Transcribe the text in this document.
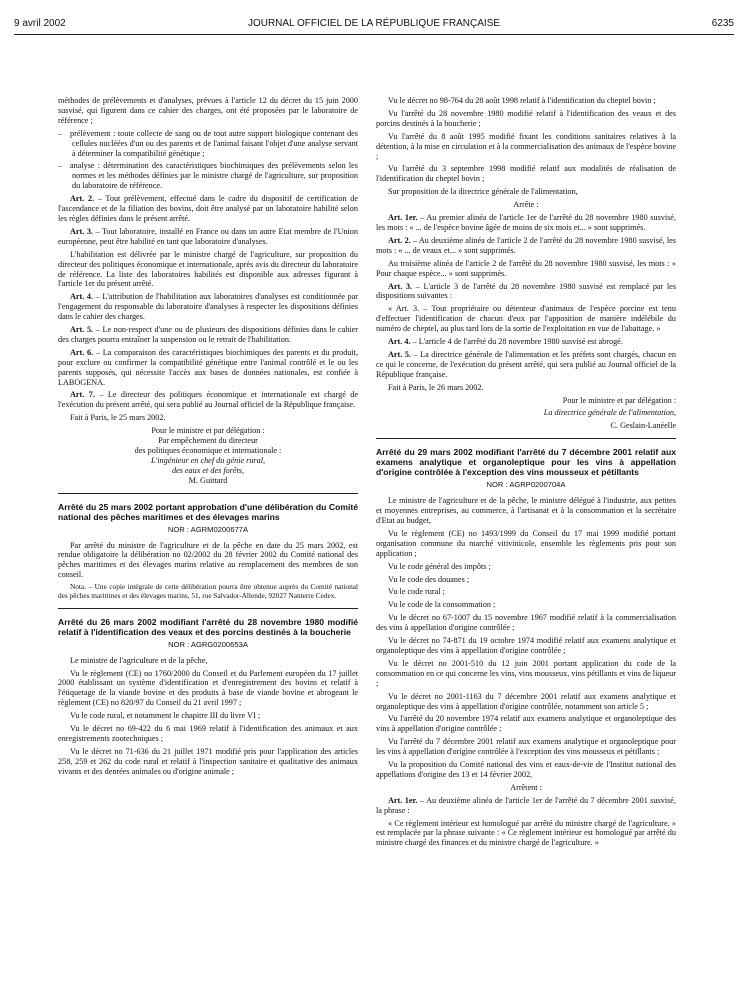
9 avril 2002	JOURNAL OFFICIEL DE LA RÉPUBLIQUE FRANÇAISE	6235

méthodes de prélèvements et d'analyses, prévues à l'article 12 du décret du 15 juin 2000 susvisé, qui figurent dans ce cahier des charges, ont été proposées par le laboratoire de référence ;

– prélèvement : toute collecte de sang ou de tout autre support biologique contenant des cellules nucléées d'un ou des parents et de l'animal faisant l'objet d'une analyse servant à déterminer la compatibilité génétique ;

– analyse : détermination des caractéristiques biochimiques des prélèvements selon les normes et les méthodes définies par le ministre chargé de l'agriculture, sur proposition du laboratoire de référence.

Art. 2. – Tout prélèvement, effectué dans le cadre du dispositif de certification de l'ascendance et de la filiation des bovins, doit être analysé par un laboratoire habilité selon les règles définies dans le présent arrêté.

Art. 3. – Tout laboratoire, installé en France ou dans un autre Etat membre de l'Union européenne, peut être habilité en tant que laboratoire d'analyses.

L'habilitation est délivrée par le ministre chargé de l'agriculture, sur proposition du directeur des politiques économique et internationale, après avis du directeur du laboratoire de référence. La liste des laboratoires habilités est disponible aux adresses figurant à l'article 1er du présent arrêté.

Art. 4. – L'attribution de l'habilitation aux laboratoires d'analyses est conditionnée par l'engagement du responsable du laboratoire d'analyses à respecter les dispositions définies dans le cahier des charges.

Art. 5. – Le non-respect d'une ou de plusieurs des dispositions définies dans le cahier des charges pourra entraîner la suspension ou le retrait de l'habilitation.

Art. 6. – La comparaison des caractéristiques biochimiques des parents et du produit, pour exclure ou confirmer la compatibilité génétique entre l'animal contrôlé et le ou les parents supposés, qui nécessite l'accès aux bases de données nationales, est confiée à LABOGENA.

Art. 7. – Le directeur des politiques économique et internationale est chargé de l'exécution du présent arrêté, qui sera publié au Journal officiel de la République française.

Fait à Paris, le 25 mars 2002.

Pour le ministre et par délégation :

Par empêchement du directeur

des politiques économique et internationale :

L'ingénieur en chef du génie rural,

des eaux et des forêts,

M. Guittard

Arrêté du 25 mars 2002 portant approbation d'une délibération du Comité national des pêches maritimes et des élevages marins

NOR : AGRM0200677A

Par arrêté du ministre de l'agriculture et de la pêche en date du 25 mars 2002, est rendue obligatoire la délibération no 02/2002 du 28 février 2002 du Comité national des pêches maritimes et des élevages marins relative au remplacement des membres de son conseil.

Nota. – Une copie intégrale de cette délibération pourra être obtenue auprès du Comité national des pêches maritimes et des élevages marins, 51, rue Salvador-Allende, 92027 Nanterre Cedex.

Arrêté du 26 mars 2002 modifiant l'arrêté du 28 novembre 1980 modifié relatif à l'identification des veaux et des porcins destinés à la boucherie

NOR : AGRG0200653A

Le ministre de l'agriculture et de la pêche,

Vu le règlement (CE) no 1760/2000 du Conseil et du Parlement européen du 17 juillet 2000 établissant un système d'identification et d'enregistrement des bovins et relatif à l'étiquetage de la viande bovine et des produits à base de viande bovine et abrogeant le règlement (CE) no 820/97 du Conseil du 21 avril 1997 ;

Vu le code rural, et notamment le chapitre III du livre VI ;

Vu le décret no 69-422 du 6 mai 1969 relatif à l'identification des animaux et aux enregistrements zootechniques ;

Vu le décret no 71-636 du 21 juillet 1971 modifié pris pour l'application des articles 258, 259 et 262 du code rural et relatif à l'inspection sanitaire et qualitative des animaux vivants et des denrées animales ou d'origine animale ;

Vu le décret no 98-764 du 28 août 1998 relatif à l'identification du cheptel bovin ;

Vu l'arrêté du 28 novembre 1980 modifié relatif à l'identification des veaux et des porcins destinés à la boucherie ;

Vu l'arrêté du 8 août 1995 modifié fixant les conditions sanitaires relatives à la détention, à la mise en circulation et à la commercialisation des animaux de l'espèce bovine ;

Vu l'arrêté du 3 septembre 1998 modifié relatif aux modalités de réalisation de l'identification du cheptel bovin ;

Sur proposition de la directrice générale de l'alimentation,

Arrête :

Art. 1er. – Au premier alinéa de l'article 1er de l'arrêté du 28 novembre 1980 susvisé, les mots : « ... de l'espèce bovine âgée de moins de six mois et... » sont supprimés.

Art. 2. – Au deuxième alinéa de l'article 2 de l'arrêté du 28 novembre 1980 susvisé, les mots : « ... de veaux et... » sont supprimés.

Au troisième alinéa de l'article 2 de l'arrêté du 28 novembre 1980 susvisé, les mots : « Pour chaque espèce... » sont supprimés.

Art. 3. – L'article 3 de l'arrêté du 28 novembre 1980 susvisé est remplacé par les dispositions suivantes :

« Art. 3. – Tout propriétaire ou détenteur d'animaux de l'espèce porcine est tenu d'effectuer l'identification de chacun d'eux par l'apposition de manière indélébile du numéro de cheptel, au plus tard lors de la sortie de l'exploitation en vue de l'abattage. »

Art. 4. – L'article 4 de l'arrêté du 28 novembre 1980 susvisé est abrogé.

Art. 5. – La directrice générale de l'alimentation et les préfets sont chargés, chacun en ce qui le concerne, de l'exécution du présent arrêté, qui sera publié au Journal officiel de la République française.

Fait à Paris, le 26 mars 2002.

Pour le ministre et par délégation :

La directrice générale de l'alimentation,

C. Geslain-Lanéelle

Arrêté du 29 mars 2002 modifiant l'arrêté du 7 décembre 2001 relatif aux examens analytique et organoleptique pour les vins à appellation d'origine contrôlée à l'exception des vins mousseux et pétillants

NOR : AGRP0200704A

Le ministre de l'agriculture et de la pêche, le ministre délégué à l'industrie, aux petites et moyennes entreprises, au commerce, à l'artisanat et à la consommation et la secrétaire d'Etat au budget,

Vu le règlement (CE) no 1493/1999 du Conseil du 17 mai 1999 modifié portant organisation commune du marché vitivinicole, ensemble les règlements pris pour son application ;

Vu le code général des impôts ;

Vu le code des douanes ;

Vu le code rural ;

Vu le code de la consommation ;

Vu le décret no 67-1007 du 15 novembre 1967 modifié relatif à la commercialisation des vins à appellation d'origine contrôlée ;

Vu le décret no 74-871 du 19 octobre 1974 modifié relatif aux examens analytique et organoleptique des vins à appellation d'origine contrôlée ;

Vu le décret no 2001-510 du 12 juin 2001 portant application du code de la consommation en ce qui concerne les vins, vins mousseux, vins pétillants et vins de liqueur ;

Vu le décret no 2001-1163 du 7 décembre 2001 relatif aux examens analytique et organoleptique des vins à appellation d'origine contrôlée, notamment son article 5 ;

Vu l'arrêté du 20 novembre 1974 relatif aux examens analytique et organoleptique des vins à appellation d'origine contrôlée ;

Vu l'arrêté du 7 décembre 2001 relatif aux examens analytique et organoleptique pour les vins à appellation d'origine contrôlée à l'exception des vins mousseux et pétillants ;

Vu la proposition du Comité national des vins et eaux-de-vie de l'Institut national des appellations d'origine des 13 et 14 février 2002,

Arrêtent :

Art. 1er. – Au deuxième alinéa de l'article 1er de l'arrêté du 7 décembre 2001 susvisé, la phrase :

« Ce règlement intérieur est homologué par arrêté du ministre chargé de l'agriculture. » est remplacée par la phrase suivante : « Ce règlement intérieur est homologué par arrêté du ministre chargé des finances et du ministre chargé de l'agriculture. »
